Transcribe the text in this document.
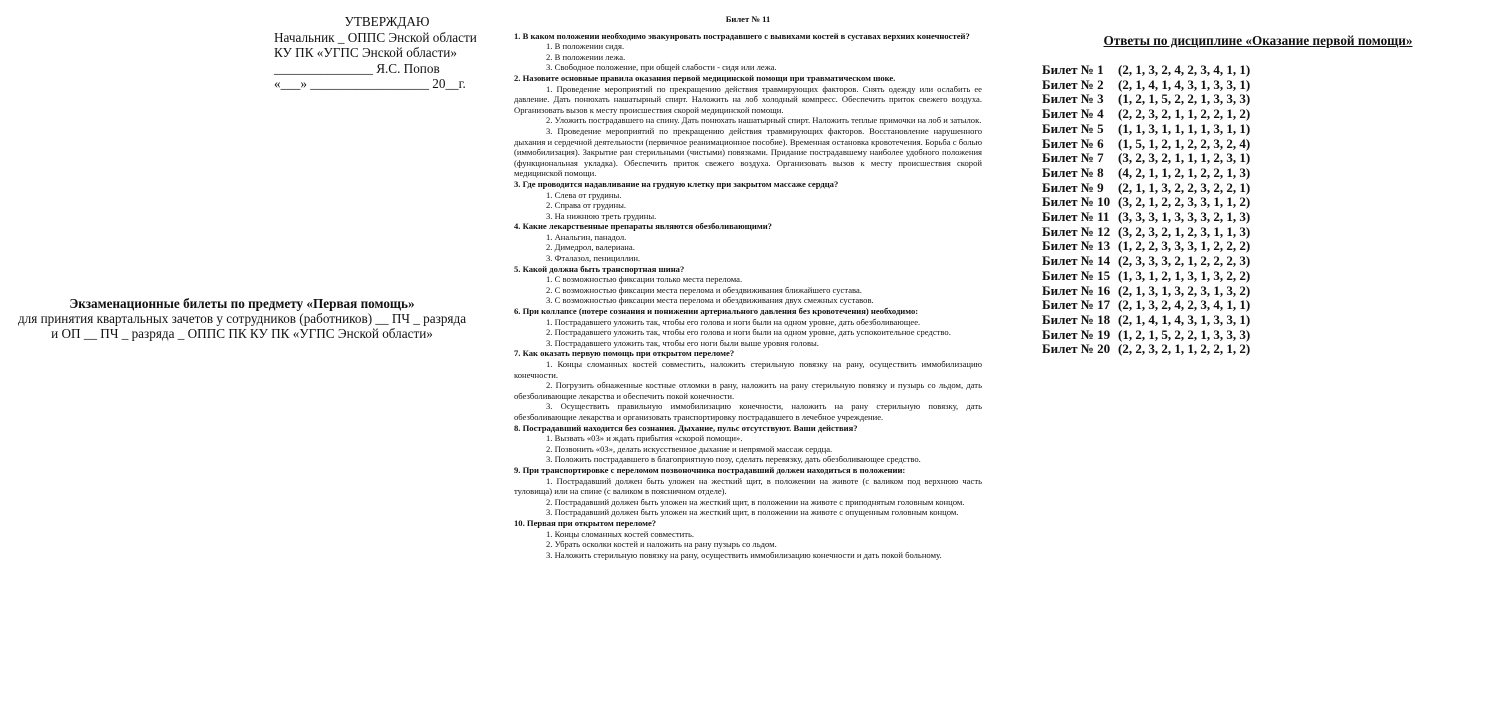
УТВЕРЖДАЮ
Начальник _ ОППС Энской области
КУ ПК «УГПС Энской области»
_______________ Я.С. Попов
«___» __________________ 20__г.
Экзаменационные билеты по предмету «Первая помощь»
для принятия квартальных зачетов у сотрудников (работников) __ ПЧ _ разряда
и ОП __ ПЧ _ разряда _ ОППС ПК КУ ПК «УГПС Энской области»
Билет № 11
1. В каком положении необходимо эвакуировать пострадавшего с вывихами костей в суставах верхних конечностей?
1. В положении сидя.
2. В положении лежа.
3. Свободное положение, при общей слабости - сидя или лежа.
2. Назовите основные правила оказания первой медицинской помощи при травматическом шоке.
1. Проведение мероприятий по прекращению действия травмирующих факторов. Снять одежду или ослабить ее давление. Дать понюхать нашатырный спирт. Наложить на лоб холодный компресс. Обеспечить приток свежего воздуха. Организовать вызов к месту происшествия скорой медицинской помощи.
2. Уложить пострадавшего на спину. Дать понюхать нашатырный спирт. Наложить теплые примочки на лоб и затылок.
3. Проведение мероприятий по прекращению действия травмирующих факторов. Восстановление нарушенного дыхания и сердечной деятельности (первичное реанимационное пособие). Временная остановка кровотечения. Борьба с болью (иммобилизация). Закрытие ран стерильными (чистыми) повязками. Придание пострадавшему наиболее удобного положения (функциональная укладка). Обеспечить приток свежего воздуха. Организовать вызов к месту происшествия скорой медицинской помощи.
3. Где проводится надавливание на грудную клетку при закрытом массаже сердца?
1. Слева от грудины.
2. Справа от грудины.
3. На нижнюю треть грудины.
4. Какие лекарственные препараты являются обезболивающими?
1. Анальгин, панадол.
2. Димедрол, валериана.
3. Фталазол, пенициллин.
5. Какой должна быть транспортная шина?
1. С возможностью фиксации только места перелома.
2. С возможностью фиксации места перелома и обездвиживания ближайшего сустава.
3. С возможностью фиксации места перелома и обездвиживания двух смежных суставов.
6. При коллапсе (потере сознания и понижении артериального давления без кровотечения) необходимо:
1. Пострадавшего уложить так, чтобы его голова и ноги были на одном уровне, дать обезболивающее.
2. Пострадавшего уложить так, чтобы его голова и ноги были на одном уровне, дать успокоительное средство.
3. Пострадавшего уложить так, чтобы его ноги были выше уровня головы.
7. Как оказать первую помощь при открытом переломе?
1. Концы сломанных костей совместить, наложить стерильную повязку на рану, осуществить иммобилизацию конечности.
2. Погрузить обнаженные костные отломки в рану, наложить на рану стерильную повязку и пузырь со льдом, дать обезболивающие лекарства и обеспечить покой конечности.
3. Осуществить правильную иммобилизацию конечности, наложить на рану стерильную повязку, дать обезболивающие лекарства и организовать транспортировку пострадавшего в лечебное учреждение.
8. Пострадавший находится без сознания. Дыхание, пульс отсутствуют. Ваши действия?
1. Вызвать «03» и ждать прибытия «скорой помощи».
2. Позвонить «03», делать искусственное дыхание и непрямой массаж сердца.
3. Положить пострадавшего в благоприятную позу, сделать перевязку, дать обезболивающее средство.
9. При транспортировке с переломом позвоночника пострадавший должен находиться в положении:
1. Пострадавший должен быть уложен на жесткий щит, в положении на животе (с валиком под верхнюю часть туловища) или на спине (с валиком в поясничном отделе).
2. Пострадавший должен быть уложен на жесткий щит, в положении на животе с приподнятым головным концом.
3. Пострадавший должен быть уложен на жесткий щит, в положении на животе с опущенным головным концом.
10. Первая при открытом переломе?
1. Концы сломанных костей совместить.
2. Убрать осколки костей и наложить на рану пузырь со льдом.
3. Наложить стерильную повязку на рану, осуществить иммобилизацию конечности и дать покой больному.
Ответы по дисциплине «Оказание первой помощи»
Билет № 1	(2, 1, 3, 2, 4, 2, 3, 4, 1, 1)
Билет № 2	(2, 1, 4, 1, 4, 3, 1, 3, 3, 1)
Билет № 3	(1, 2, 1, 5, 2, 2, 1, 3, 3, 3)
Билет № 4	(2, 2, 3, 2, 1, 1, 2, 2, 1, 2)
Билет № 5	(1, 1, 3, 1, 1, 1, 1, 3, 1, 1)
Билет № 6	(1, 5, 1, 2, 1, 2, 2, 3, 2, 4)
Билет № 7	(3, 2, 3, 2, 1, 1, 1, 2, 3, 1)
Билет № 8	(4, 2, 1, 1, 2, 1, 2, 2, 1, 3)
Билет № 9	(2, 1, 1, 3, 2, 2, 3, 2, 2, 1)
Билет № 10 (3, 2, 1, 2, 2, 3, 3, 1, 1, 2)
Билет № 11 (3, 3, 3, 1, 3, 3, 3, 2, 1, 3)
Билет № 12 (3, 2, 3, 2, 1, 2, 3, 1, 1, 3)
Билет № 13 (1, 2, 2, 3, 3, 3, 1, 2, 2, 2)
Билет № 14 (2, 3, 3, 3, 2, 1, 2, 2, 2, 3)
Билет № 15 (1, 3, 1, 2, 1, 3, 1, 3, 2, 2)
Билет № 16 (2, 1, 3, 1, 3, 2, 3, 1, 3, 2)
Билет № 17 (2, 1, 3, 2, 4, 2, 3, 4, 1, 1)
Билет № 18 (2, 1, 4, 1, 4, 3, 1, 3, 3, 1)
Билет № 19 (1, 2, 1, 5, 2, 2, 1, 3, 3, 3)
Билет № 20 (2, 2, 3, 2, 1, 1, 2, 2, 1, 2)
